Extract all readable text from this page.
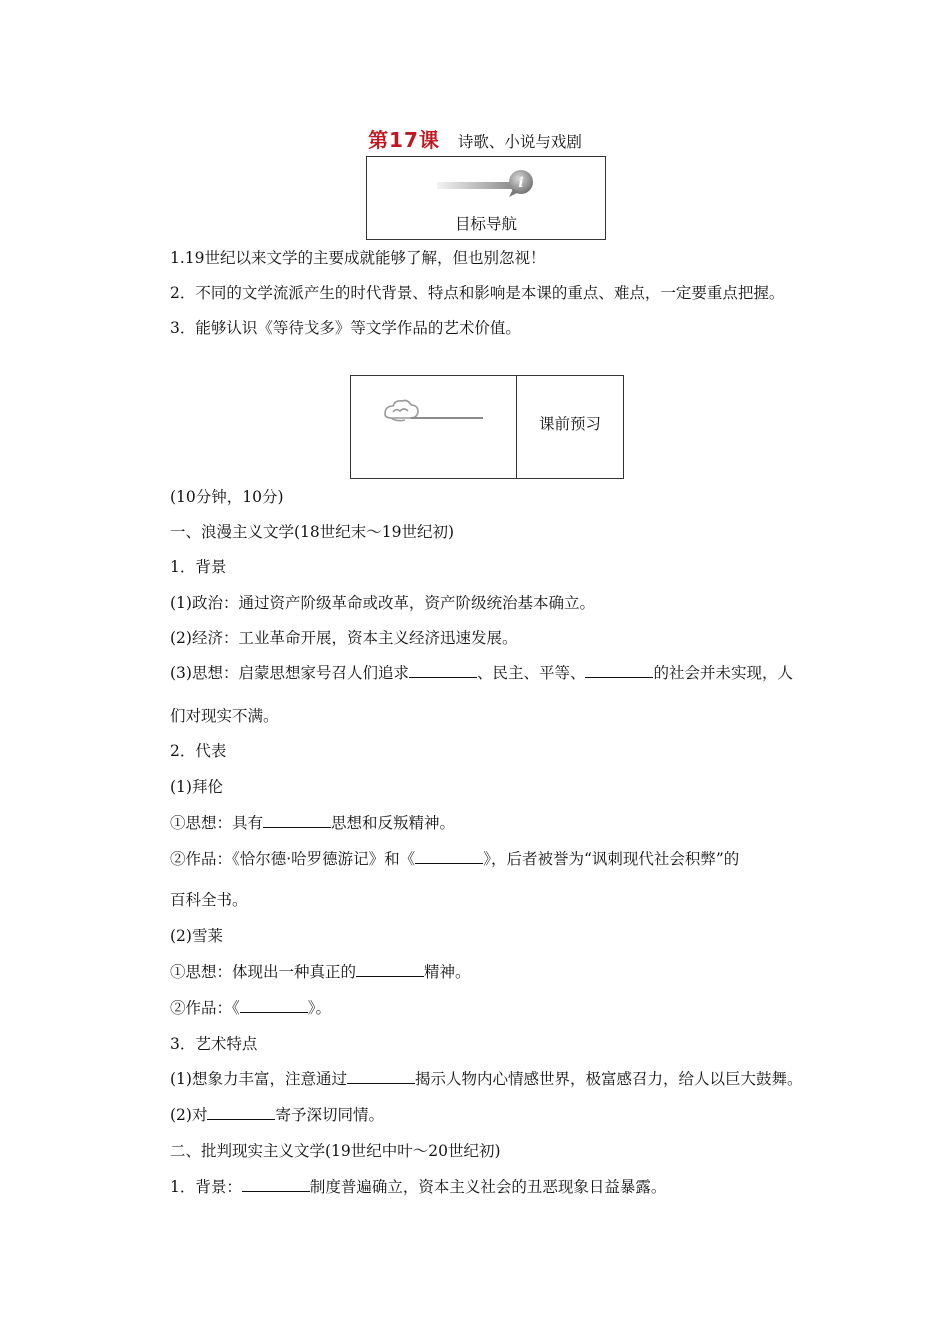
第17课 诗歌、小说与戏剧
i
目标导航
1.19世纪以来文学的主要成就能够了解，但也别忽视！
2．不同的文学流派产生的时代背景、特点和影响是本课的重点、难点，一定要重点把握。
3．能够认识《等待戈多》等文学作品的艺术价值。
课前预习
(10分钟，10分)
一、浪漫主义文学(18世纪末～19世纪初)
1．背景
(1)政治：通过资产阶级革命或改革，资产阶级统治基本确立。
(2)经济：工业革命开展，资本主义经济迅速发展。
(3)思想：启蒙思想家号召人们追求	、民主、平等、	的社会并未实现，人
们对现实不满。
2．代表
(1)拜伦
①思想：具有	思想和反叛精神。
②作品：《恰尔德·哈罗德游记》和《	》，后者被誉为“讽刺现代社会积弊”的
百科全书。
(2)雪莱
①思想：体现出一种真正的	精神。
②作品：《	》。
3．艺术特点
(1)想象力丰富，注意通过	揭示人物内心情感世界，极富感召力，给人以巨大鼓舞。
(2)对	寄予深切同情。
二、批判现实主义文学(19世纪中叶～20世纪初)
1．背景：	制度普遍确立，资本主义社会的丑恶现象日益暴露。
